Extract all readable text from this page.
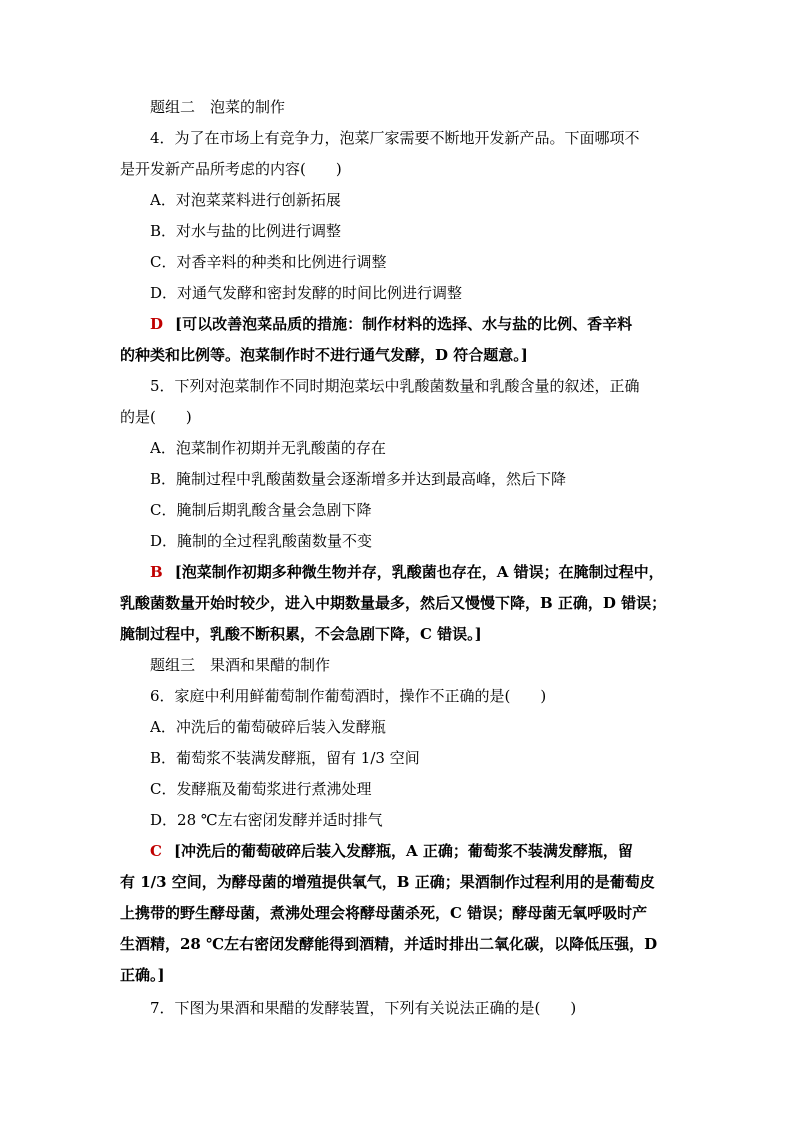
题组二　泡菜的制作
4．为了在市场上有竞争力，泡菜厂家需要不断地开发新产品。下面哪项不
是开发新产品所考虑的内容(　　)
A．对泡菜菜料进行创新拓展
B．对水与盐的比例进行调整
C．对香辛料的种类和比例进行调整
D．对通气发酵和密封发酵的时间比例进行调整
D [可以改善泡菜品质的措施：制作材料的选择、水与盐的比例、香辛料
的种类和比例等。泡菜制作时不进行通气发酵，D 符合题意。]
5．下列对泡菜制作不同时期泡菜坛中乳酸菌数量和乳酸含量的叙述，正确
的是(　　)
A．泡菜制作初期并无乳酸菌的存在
B．腌制过程中乳酸菌数量会逐渐增多并达到最高峰，然后下降
C．腌制后期乳酸含量会急剧下降
D．腌制的全过程乳酸菌数量不变
B [泡菜制作初期多种微生物并存，乳酸菌也存在，A 错误；在腌制过程中，
乳酸菌数量开始时较少，进入中期数量最多，然后又慢慢下降，B 正确，D 错误；
腌制过程中，乳酸不断积累，不会急剧下降，C 错误。]
题组三　果酒和果醋的制作
6．家庭中利用鲜葡萄制作葡萄酒时，操作不正确的是(　　)
A．冲洗后的葡萄破碎后装入发酵瓶
B．葡萄浆不装满发酵瓶，留有 1/3 空间
C．发酵瓶及葡萄浆进行煮沸处理
D．28 ℃左右密闭发酵并适时排气
C [冲洗后的葡萄破碎后装入发酵瓶，A 正确；葡萄浆不装满发酵瓶，留
有 1/3 空间，为酵母菌的增殖提供氧气，B 正确；果酒制作过程利用的是葡萄皮
上携带的野生酵母菌，煮沸处理会将酵母菌杀死，C 错误；酵母菌无氧呼吸时产
生酒精，28 ℃左右密闭发酵能得到酒精，并适时排出二氧化碳，以降低压强，D
正确。]
7．下图为果酒和果醋的发酵装置，下列有关说法正确的是(　　)
